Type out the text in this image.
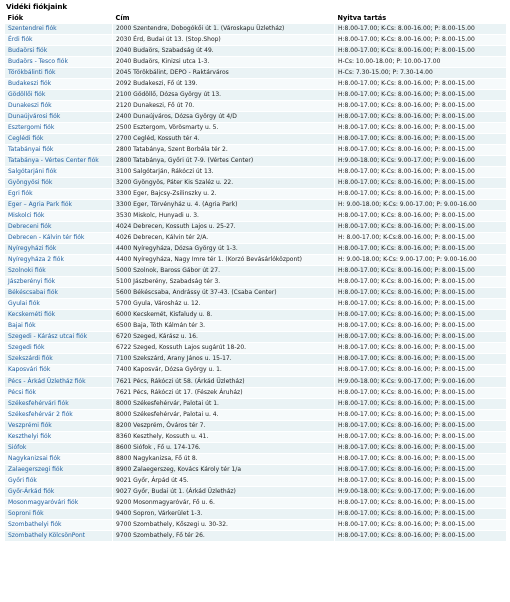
Vidéki fiókjaink
Fiók	Cím	Nyitva tartás
Szentendrei fiók	2000 Szentendre, Dobogókői út 1. (Városkapu Üzletház)	H:8.00-17.00; K-Cs: 8.00-16.00; P: 8.00-15.00
Érdi fiók	2030 Érd, Budai út 13. (Stop.Shop)	H:8.00-17.00; K-Cs: 8.00-16.00; P: 8.00-15.00
Budaörsi fiók	2040 Budaörs, Szabadság út 49.	H:8.00-17.00; K-Cs: 8.00-16.00; P: 8.00-15.00
Budaörs - Tesco fiók	2040 Budaörs, Kinizsi utca 1-3.	H-Cs: 10.00-18.00; P: 10.00-17.00
Törökbálinti fiók	2045 Törökbálint, DEPO - Raktárváros	H-Cs: 7.30-15.00; P: 7.30-14.00
Budakeszi fiók	2092 Budakeszi, Fő út 139.	H:8.00-17.00; K-Cs: 8.00-16.00; P: 8.00-15.00
Gödöllői fiók	2100 Gödöllő, Dózsa György út 13.	H:8.00-17.00; K-Cs: 8.00-16.00; P: 8.00-15.00
Dunakeszi fiók	2120 Dunakeszi, Fő út 70.	H:8.00-17.00; K-Cs: 8.00-16.00; P: 8.00-15.00
Dunaújvárosi fiók	2400 Dunaújváros, Dózsa György út 4/D	H:8.00-17.00; K-Cs: 8.00-16.00; P: 8.00-15.00
Esztergomi fiók	2500 Esztergom, Vörösmarty u. 5.	H:8.00-17.00; K-Cs: 8.00-16.00; P: 8.00-15.00
Ceglédi fiók	2700 Cegléd, Kossuth tér 4.	H:8.00-17.00; K-Cs: 8.00-16.00; P: 8.00-15.00
Tatabányai fiók	2800 Tatabánya, Szent Borbála tér 2.	H:8.00-17.00; K-Cs: 8.00-16.00; P: 8.00-15.00
Tatabánya - Vértes Center fiók	2800 Tatabánya, Győri út 7-9. (Vértes Center)	H:9.00-18.00; K-Cs: 9.00-17.00; P: 9.00-16.00
Salgótarjáni fiók	3100 Salgótarján, Rákóczi út 13.	H:8.00-17.00; K-Cs: 8.00-16.00; P: 8.00-15.00
Gyöngyösi fiók	3200 Gyöngyös, Páter Kis Szaléz u. 22.	H:8.00-17.00; K-Cs: 8.00-16.00; P: 8.00-15.00
Egri fiók	3300 Eger, Bajcsy-Zsilinszky u. 2.	H:8.00-17.00; K-Cs: 8.00-16.00; P: 8.00-15.00
Eger – Agria Park fiók	3300 Eger, Törvényház u. 4. (Agria Park)	H: 9.00-18.00; K-Cs: 9.00-17.00; P: 9.00-16.00
Miskolci fiók	3530 Miskolc, Hunyadi u. 3.	H:8.00-17.00; K-Cs: 8.00-16.00; P: 8.00-15.00
Debreceni fiók	4024 Debrecen, Kossuth Lajos u. 25-27.	H:8.00-17.00; K-Cs: 8.00-16.00; P: 8.00-15.00
Debrecen - Kálvin tér fiók	4026 Debrecen, Kálvin tér 2/A.	H: 8.00-17.00; K-Cs:8.00-16.00; P: 8.00-15.00
Nyíregyházi fiók	4400 Nyíregyháza, Dózsa György út 1-3.	H:8.00-17.00; K-Cs: 8.00-16.00; P: 8.00-15.00
Nyíregyháza 2 fiók	4400 Nyíregyháza, Nagy Imre tér 1. (Korzó Bevásárlóközpont)	H: 9.00-18.00; K-Cs: 9.00-17.00; P: 9.00-16.00
Szolnoki fiók	5000 Szolnok, Baross Gábor út 27.	H:8.00-17.00; K-Cs: 8.00-16.00; P: 8.00-15.00
Jászberényi fiók	5100 Jászberény, Szabadság tér 3.	H:8.00-17.00; K-Cs: 8.00-16.00; P: 8.00-15.00
Békéscsabai fiók	5600 Békéscsaba, Andrássy út 37-43. (Csaba Center)	H:8.00-17.00; K-Cs: 8.00-16.00; P: 8.00-15.00
Gyulai fiók	5700 Gyula, Városház u. 12.	H:8.00-17.00; K-Cs: 8.00-16.00; P: 8.00-15.00
Kecskeméti fiók	6000 Kecskemét, Kisfaludy u. 8.	H:8.00-17.00; K-Cs: 8.00-16.00; P: 8.00-15.00
Bajai fiók	6500 Baja, Tóth Kálmán tér 3.	H:8.00-17.00; K-Cs: 8.00-16.00; P: 8.00-15.00
Szegedi - Kárász utcai fiók	6720 Szeged, Kárász u. 16.	H:8.00-17.00; K-Cs: 8.00-16.00; P: 8.00-15.00
Szegedi fiók	6722 Szeged, Kossuth Lajos sugárút 18-20.	H:8.00-17.00; K-Cs: 8.00-16.00; P: 8.00-15.00
Szekszárdi fiók	7100 Szekszárd, Arany János u. 15-17.	H:8.00-17.00; K-Cs: 8.00-16.00; P: 8.00-15.00
Kaposvári fiók	7400 Kaposvár, Dózsa György u. 1.	H:8.00-17.00; K-Cs: 8.00-16.00; P: 8.00-15.00
Pécs - Árkád Üzletház fiók	7621 Pécs, Rákóczi út 58. (Árkád Üzletház)	H:9.00-18.00; K-Cs: 9.00-17.00; P: 9.00-16.00
Pécsi fiók	7621 Pécs, Rákóczi út 17. (Fészek Áruház)	H:8.00-17.00; K-Cs: 8.00-16.00; P: 8.00-15.00
Székesfehérvári fiók	8000 Székesfehérvár, Palotai út 1.	H:8.00-17.00; K-Cs: 8.00-16.00; P: 8.00-15.00
Székesfehérvár 2 fiók	8000 Székesfehérvár, Palotai u. 4.	H:8.00-17.00; K-Cs: 8.00-16.00; P: 8.00-15.00
Veszprémi fiók	8200 Veszprém, Óváros tér 7.	H:8.00-17.00; K-Cs: 8.00-16.00; P: 8.00-15.00
Keszthelyi fiók	8360 Keszthely, Kossuth u. 41.	H:8.00-17.00; K-Cs: 8.00-16.00; P: 8.00-15.00
Siófok	8600 Siófok , Fő u. 174-176.	H:8.00-17.00; K-Cs: 8.00-16.00; P: 8.00-15.00
Nagykanizsai fiók	8800 Nagykanizsa, Fő út 8.	H:8.00-17.00; K-Cs: 8.00-16.00; P: 8.00-15.00
Zalaegerszegi fiók	8900 Zalaegerszeg, Kovács Károly tér 1/a	H:8.00-17.00; K-Cs: 8.00-16.00; P: 8.00-15.00
Győri fiók	9021 Győr, Árpád út 45.	H:8.00-17.00; K-Cs: 8.00-16.00; P: 8.00-15.00
Győr-Árkád fiók	9027 Győr, Budai út 1. (Árkád Üzletház)	H:9.00-18.00; K-Cs: 9.00-17.00; P: 9.00-16.00
Mosonmagyaróvári fiók	9200 Mosonmagyaróvár, Fő u. 6.	H:8.00-17.00; K-Cs: 8.00-16.00; P: 8.00-15.00
Soproni fiók	9400 Sopron, Várkerület 1-3.	H:8.00-17.00; K-Cs: 8.00-16.00; P: 8.00-15.00
Szombathelyi fiók	9700 Szombathely, Kőszegi u. 30-32.	H:8.00-17.00; K-Cs: 8.00-16.00; P: 8.00-15.00
Szombathely KölcsönPont	9700 Szombathely, Fő tér 26.	H:8.00-17.00; K-Cs: 8.00-16.00; P: 8.00-15.00
